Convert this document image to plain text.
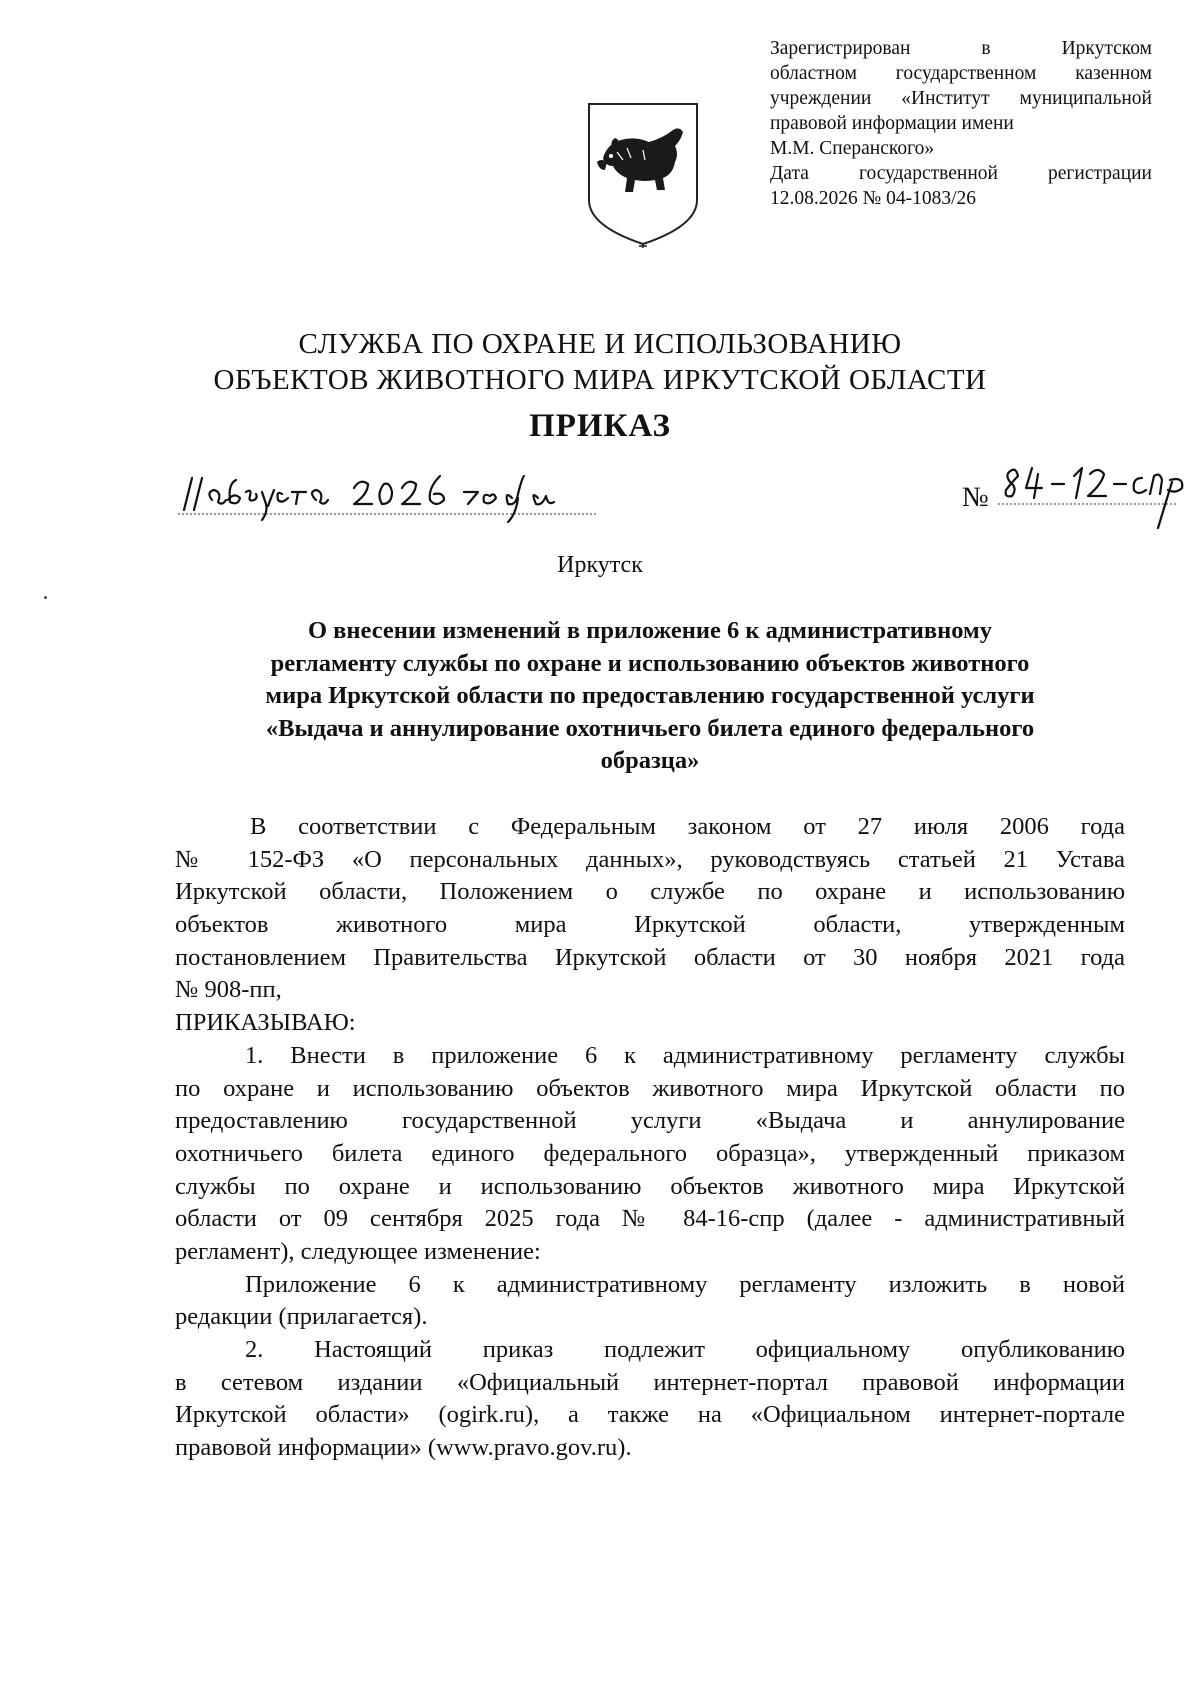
Зарегистрирован в Иркутском
областном государственном казенном
учреждении «Институт муниципальной
правовой информации имени
М.М. Сперанского»
Дата государственной регистрации
12.08.2026 № 04-1083/26
СЛУЖБА ПО ОХРАНЕ И ИСПОЛЬЗОВАНИЮ
ОБЪЕКТОВ ЖИВОТНОГО МИРА ИРКУТСКОЙ ОБЛАСТИ
ПРИКАЗ
№
Иркутск
О внесении изменений в приложение 6 к административному
регламенту службы по охране и использованию объектов животного
мира Иркутской области по предоставлению государственной услуги
«Выдача и аннулирование охотничьего билета единого федерального
образца»
В соответствии с Федеральным законом от 27 июля 2006 года
№ 152-ФЗ «О персональных данных», руководствуясь статьей 21 Устава
Иркутской области, Положением о службе по охране и использованию
объектов животного мира Иркутской области, утвержденным
постановлением Правительства Иркутской области от 30 ноября 2021 года
№ 908-пп,
ПРИКАЗЫВАЮ:
1. Внести в приложение 6 к административному регламенту службы
по охране и использованию объектов животного мира Иркутской области по
предоставлению государственной услуги «Выдача и аннулирование
охотничьего билета единого федерального образца», утвержденный приказом
службы по охране и использованию объектов животного мира Иркутской
области от 09 сентября 2025 года № 84-16-спр (далее - административный
регламент), следующее изменение:
Приложение 6 к административному регламенту изложить в новой
редакции (прилагается).
2. Настоящий приказ подлежит официальному опубликованию
в сетевом издании «Официальный интернет-портал правовой информации
Иркутской области» (ogirk.ru), а также на «Официальном интернет-портале
правовой информации» (www.pravo.gov.ru).
